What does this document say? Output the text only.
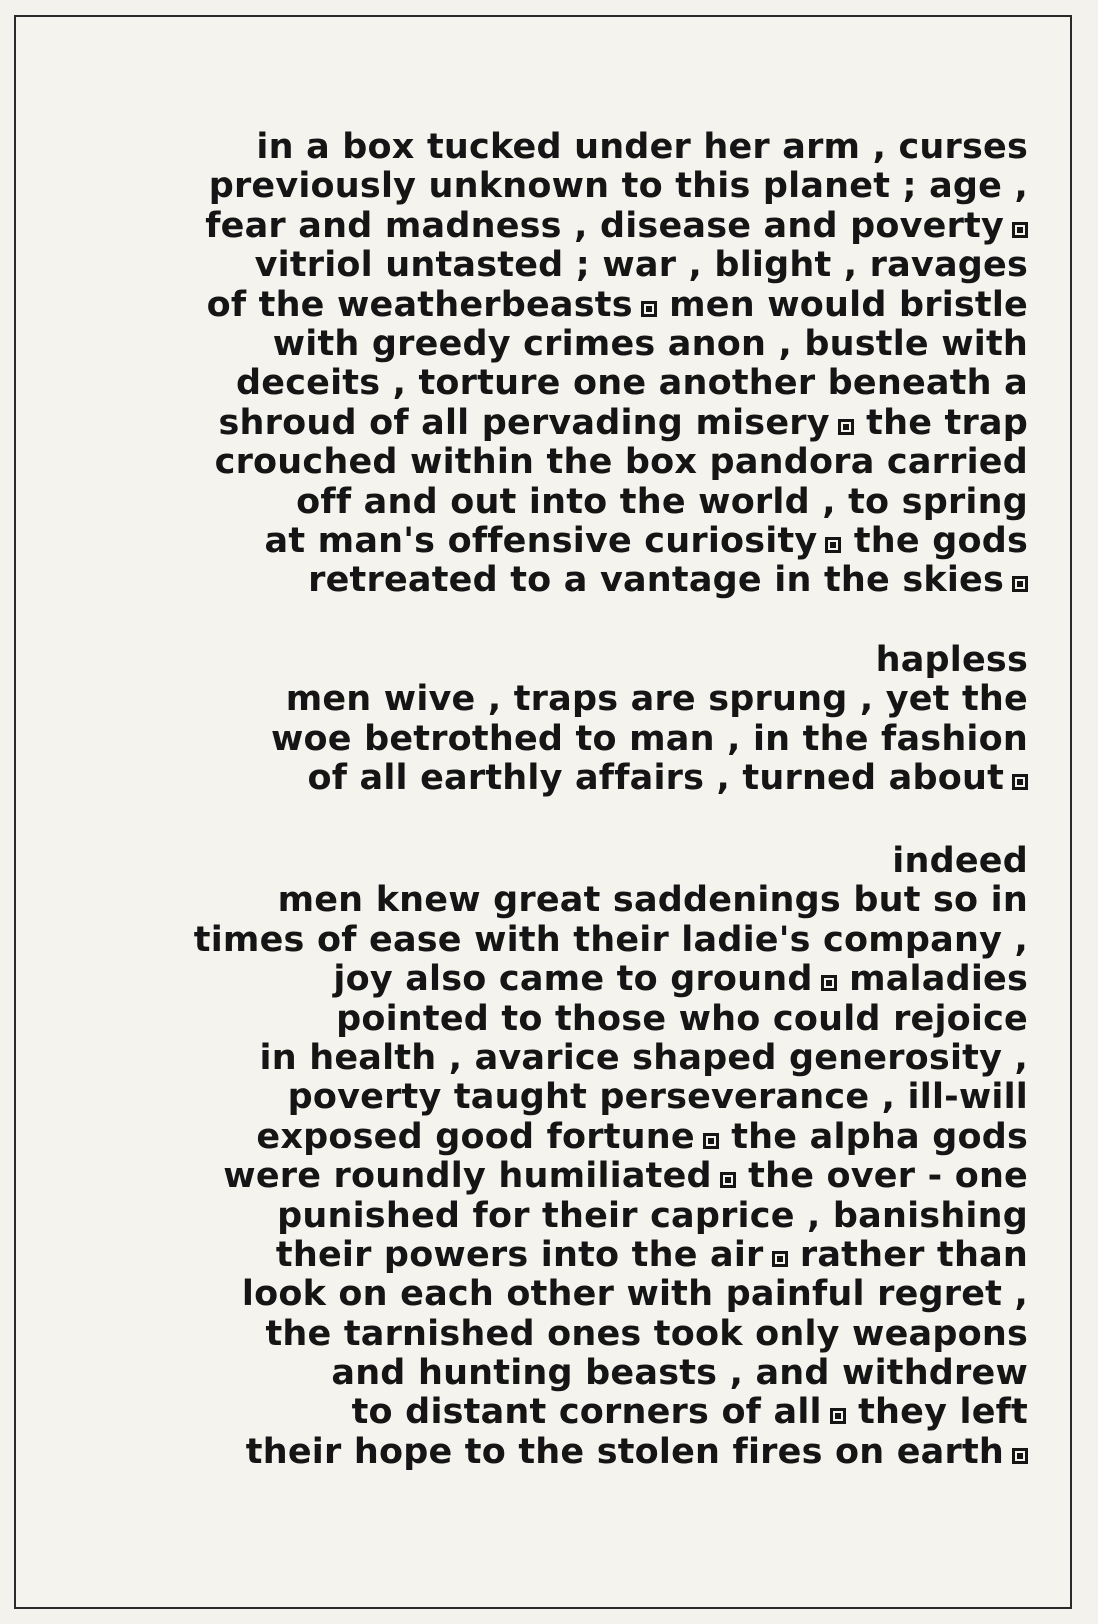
in a box tucked under her arm , curses
previously unknown to this planet ; age ,
fear and madness , disease and poverty
vitriol untasted ; war , blight , ravages
of the weatherbeasts men would bristle
with greedy crimes anon , bustle with
deceits , torture one another beneath a
shroud of all pervading misery the trap
crouched within the box pandora carried
off and out into the world , to spring
at man's offensive curiosity the gods
retreated to a vantage in the skies
hapless
men wive , traps are sprung , yet the
woe betrothed to man , in the fashion
of all earthly affairs , turned about
indeed
men knew great saddenings but so in
times of ease with their ladie's company ,
joy also came to ground maladies
pointed to those who could rejoice
in health , avarice shaped generosity ,
poverty taught perseverance , ill-will
exposed good fortune the alpha gods
were roundly humiliated the over - one
punished for their caprice , banishing
their powers into the air rather than
look on each other with painful regret ,
the tarnished ones took only weapons
and hunting beasts , and withdrew
to distant corners of all they left
their hope to the stolen fires on earth
